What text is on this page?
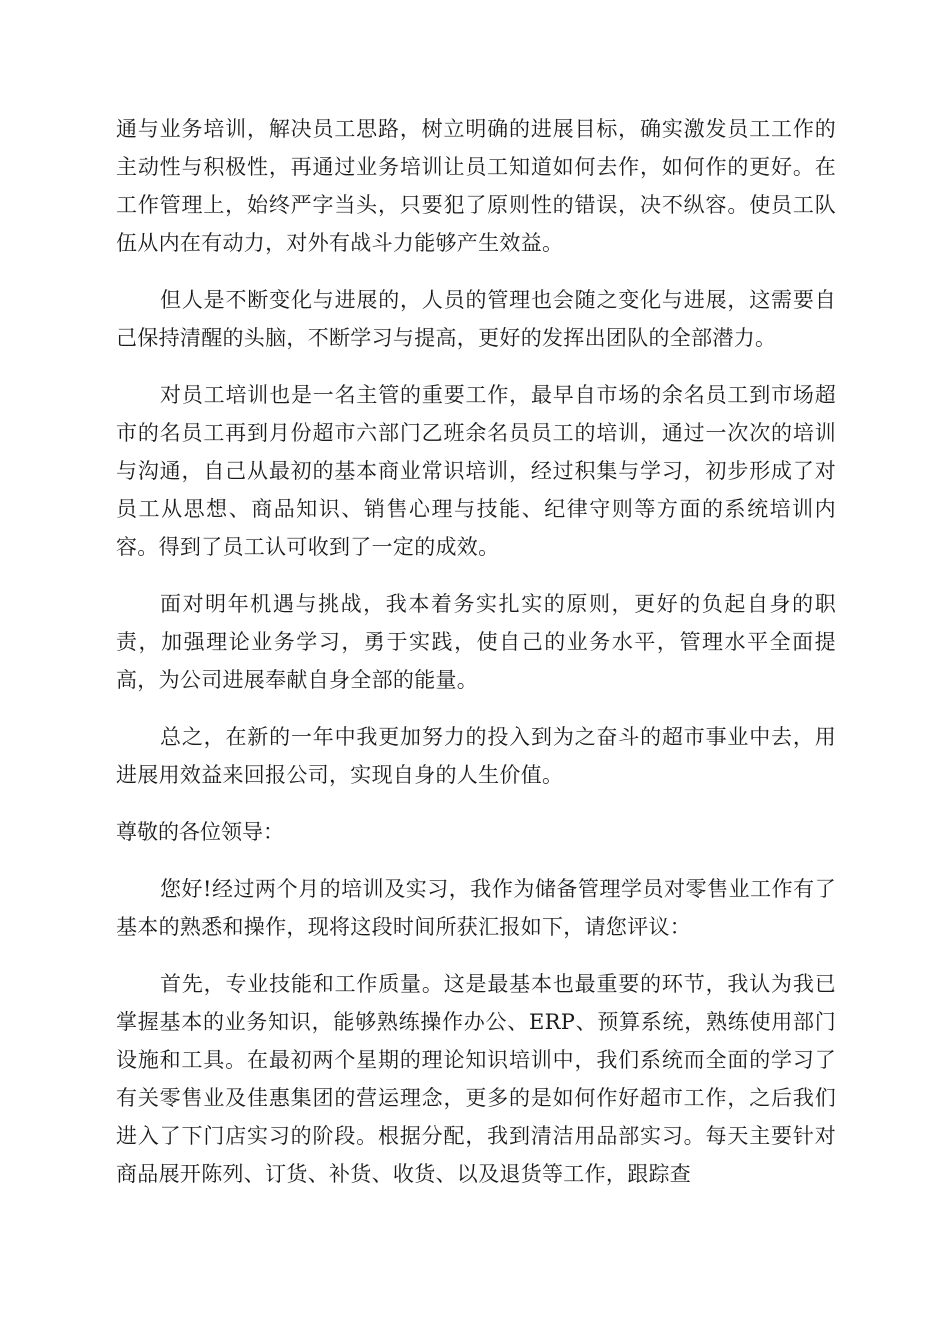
通与业务培训，解决员工思路，树立明确的进展目标，确实激发员工工作的主动性与积极性，再通过业务培训让员工知道如何去作，如何作的更好。在工作管理上，始终严字当头，只要犯了原则性的错误，决不纵容。使员工队伍从内在有动力，对外有战斗力能够产生效益。

但人是不断变化与进展的，人员的管理也会随之变化与进展，这需要自己保持清醒的头脑，不断学习与提高，更好的发挥出团队的全部潜力。

对员工培训也是一名主管的重要工作，最早自市场的余名员工到市场超市的名员工再到月份超市六部门乙班余名员员工的培训，通过一次次的培训与沟通，自己从最初的基本商业常识培训，经过积集与学习，初步形成了对员工从思想、商品知识、销售心理与技能、纪律守则等方面的系统培训内容。得到了员工认可收到了一定的成效。

面对明年机遇与挑战，我本着务实扎实的原则，更好的负起自身的职责，加强理论业务学习，勇于实践，使自己的业务水平，管理水平全面提高，为公司进展奉献自身全部的能量。

总之，在新的一年中我更加努力的投入到为之奋斗的超市事业中去，用进展用效益来回报公司，实现自身的人生价值。

尊敬的各位领导：

您好!经过两个月的培训及实习，我作为储备管理学员对零售业工作有了基本的熟悉和操作，现将这段时间所获汇报如下，请您评议：

首先，专业技能和工作质量。这是最基本也最重要的环节，我认为我已掌握基本的业务知识，能够熟练操作办公、ERP、预算系统，熟练使用部门设施和工具。在最初两个星期的理论知识培训中，我们系统而全面的学习了有关零售业及佳惠集团的营运理念，更多的是如何作好超市工作，之后我们进入了下门店实习的阶段。根据分配，我到清洁用品部实习。每天主要针对商品展开陈列、订货、补货、收货、以及退货等工作，跟踪查
